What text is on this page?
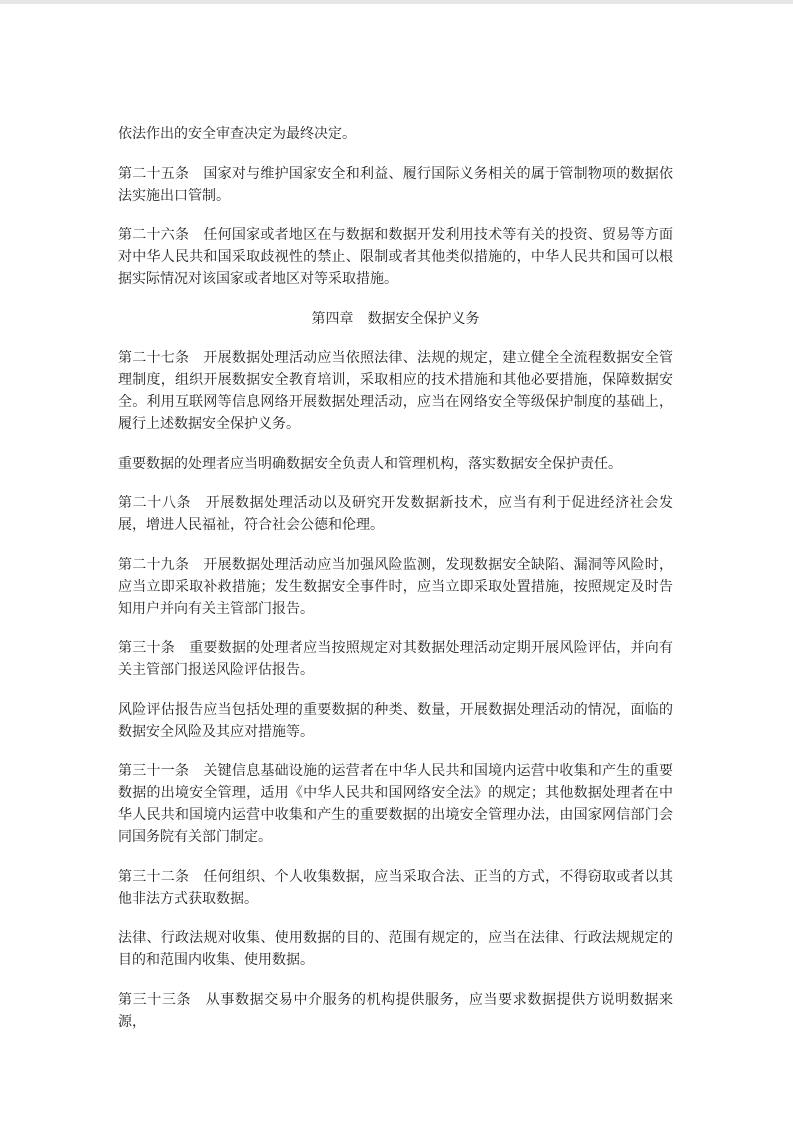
依法作出的安全审查决定为最终决定。

第二十五条　国家对与维护国家安全和利益、履行国际义务相关的属于管制物项的数据依法实施出口管制。

第二十六条　任何国家或者地区在与数据和数据开发利用技术等有关的投资、贸易等方面对中华人民共和国采取歧视性的禁止、限制或者其他类似措施的，中华人民共和国可以根据实际情况对该国家或者地区对等采取措施。

第四章　数据安全保护义务

第二十七条　开展数据处理活动应当依照法律、法规的规定，建立健全全流程数据安全管理制度，组织开展数据安全教育培训，采取相应的技术措施和其他必要措施，保障数据安全。利用互联网等信息网络开展数据处理活动，应当在网络安全等级保护制度的基础上，履行上述数据安全保护义务。

重要数据的处理者应当明确数据安全负责人和管理机构，落实数据安全保护责任。

第二十八条　开展数据处理活动以及研究开发数据新技术，应当有利于促进经济社会发展，增进人民福祉，符合社会公德和伦理。

第二十九条　开展数据处理活动应当加强风险监测，发现数据安全缺陷、漏洞等风险时，应当立即采取补救措施；发生数据安全事件时，应当立即采取处置措施，按照规定及时告知用户并向有关主管部门报告。

第三十条　重要数据的处理者应当按照规定对其数据处理活动定期开展风险评估，并向有关主管部门报送风险评估报告。

风险评估报告应当包括处理的重要数据的种类、数量，开展数据处理活动的情况，面临的数据安全风险及其应对措施等。

第三十一条　关键信息基础设施的运营者在中华人民共和国境内运营中收集和产生的重要数据的出境安全管理，适用《中华人民共和国网络安全法》的规定；其他数据处理者在中华人民共和国境内运营中收集和产生的重要数据的出境安全管理办法，由国家网信部门会同国务院有关部门制定。

第三十二条　任何组织、个人收集数据，应当采取合法、正当的方式，不得窃取或者以其他非法方式获取数据。

法律、行政法规对收集、使用数据的目的、范围有规定的，应当在法律、行政法规规定的目的和范围内收集、使用数据。

第三十三条　从事数据交易中介服务的机构提供服务，应当要求数据提供方说明数据来源，
